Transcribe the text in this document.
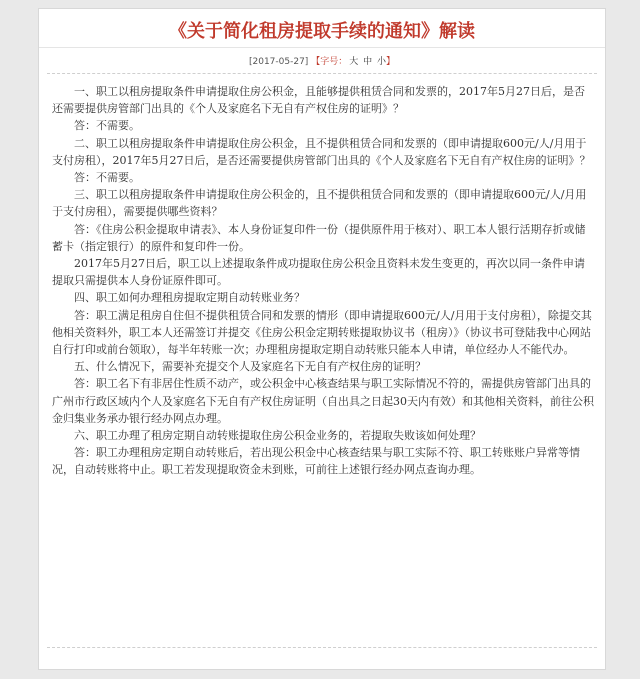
《关于简化租房提取手续的通知》解读
[2017-05-27] 【字号： 大 中 小】

一、职工以租房提取条件申请提取住房公积金，且能够提供租赁合同和发票的，2017年5月27日后，是否还需要提供房管部门出具的《个人及家庭名下无自有产权住房的证明》？

答：不需要。

二、职工以租房提取条件申请提取住房公积金，且不提供租赁合同和发票的（即申请提取600元/人/月用于支付房租），2017年5月27日后，是否还需要提供房管部门出具的《个人及家庭名下无自有产权住房的证明》？

答：不需要。

三、职工以租房提取条件申请提取住房公积金的，且不提供租赁合同和发票的（即申请提取600元/人/月用于支付房租），需要提供哪些资料？

答：《住房公积金提取申请表》、本人身份证复印件一份（提供原件用于核对）、职工本人银行活期存折或储蓄卡（指定银行）的原件和复印件一份。

2017年5月27日后，职工以上述提取条件成功提取住房公积金且资料未发生变更的，再次以同一条件申请提取只需提供本人身份证原件即可。

四、职工如何办理租房提取定期自动转账业务？

答：职工满足租房自住但不提供租赁合同和发票的情形（即申请提取600元/人/月用于支付房租），除提交其他相关资料外，职工本人还需签订并提交《住房公积金定期转账提取协议书（租房）》（协议书可登陆我中心网站自行打印或前台领取），每半年转账一次；办理租房提取定期自动转账只能本人申请，单位经办人不能代办。

五、什么情况下，需要补充提交个人及家庭名下无自有产权住房的证明？

答：职工名下有非居住性质不动产，或公积金中心核查结果与职工实际情况不符的，需提供房管部门出具的广州市行政区域内个人及家庭名下无自有产权住房证明（自出具之日起30天内有效）和其他相关资料，前往公积金归集业务承办银行经办网点办理。

六、职工办理了租房定期自动转账提取住房公积金业务的，若提取失败该如何处理？

答：职工办理租房定期自动转账后，若出现公积金中心核查结果与职工实际不符、职工转账账户异常等情况，自动转账将中止。职工若发现提取资金未到账，可前往上述银行经办网点查询办理。
